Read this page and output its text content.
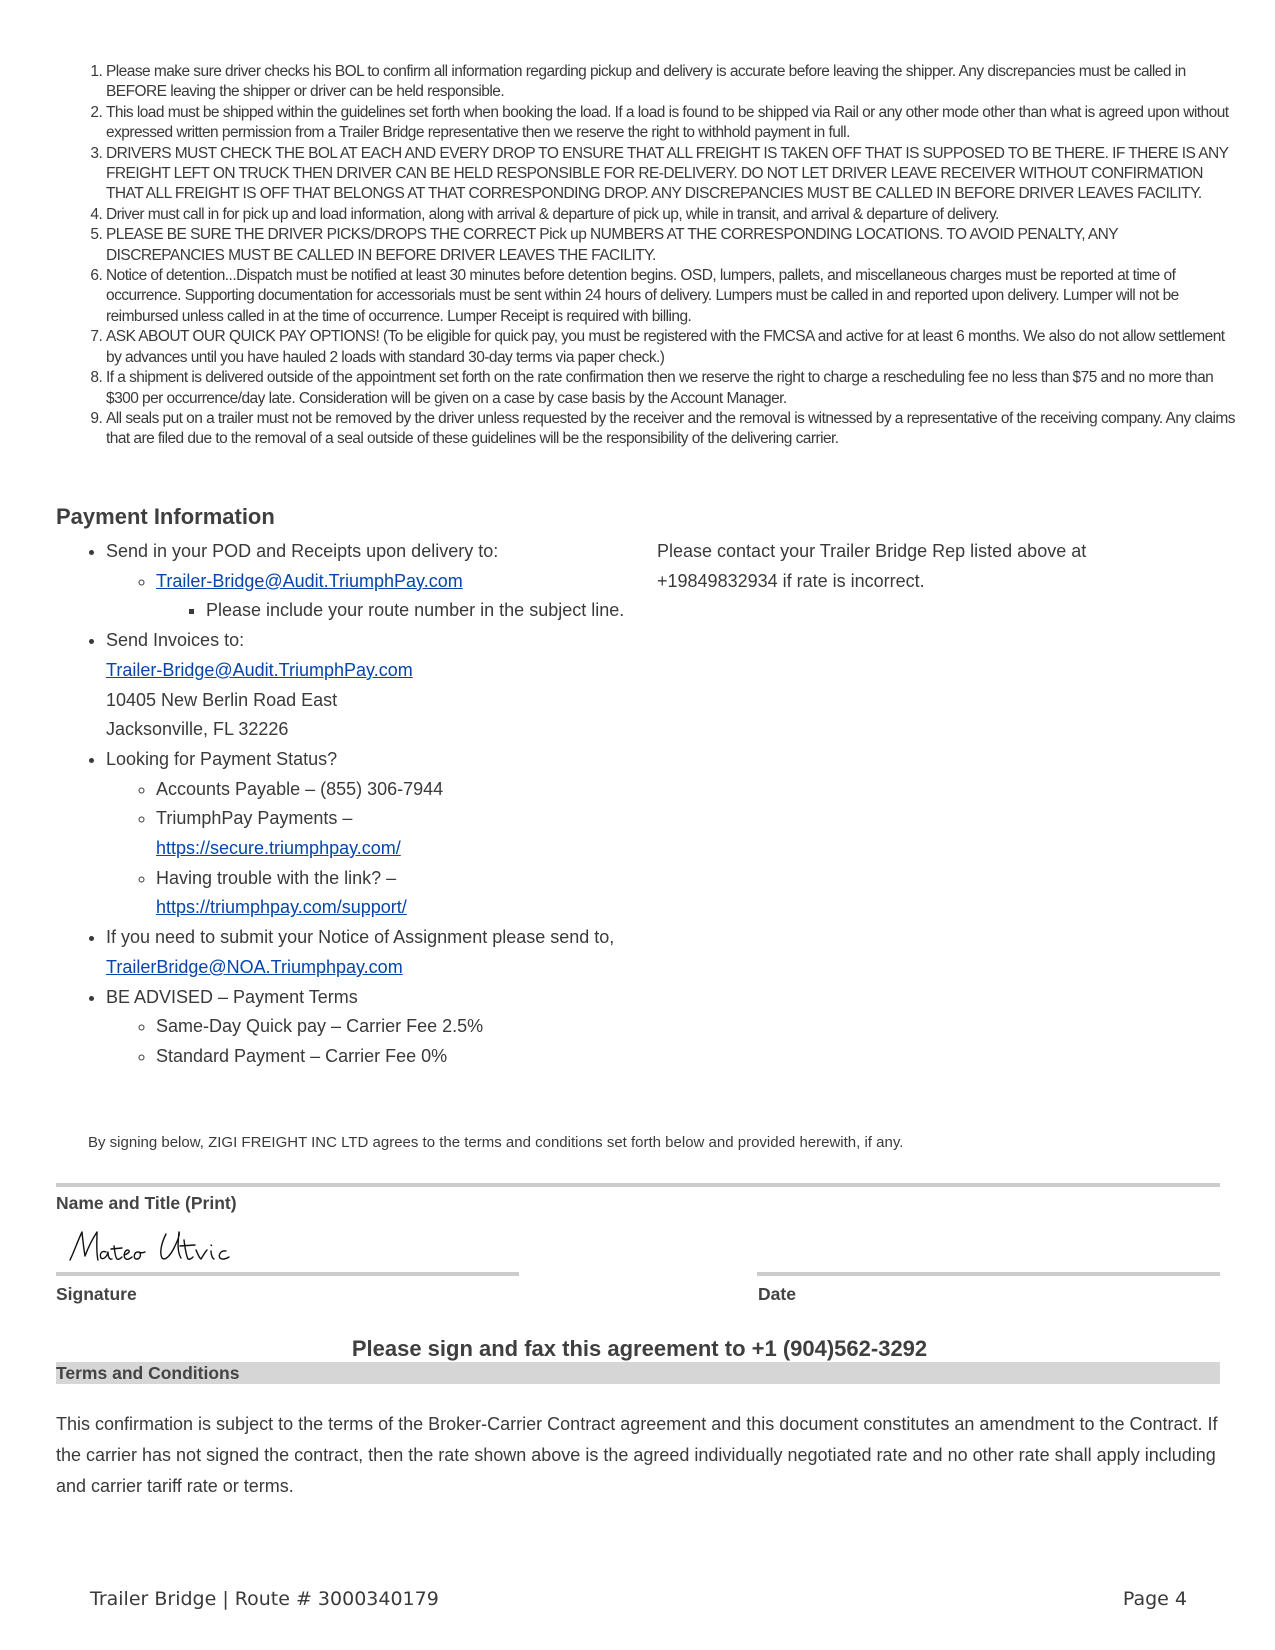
1. Please make sure driver checks his BOL to confirm all information regarding pickup and delivery is accurate before leaving the shipper. Any discrepancies must be called in BEFORE leaving the shipper or driver can be held responsible.
2. This load must be shipped within the guidelines set forth when booking the load. If a load is found to be shipped via Rail or any other mode other than what is agreed upon without expressed written permission from a Trailer Bridge representative then we reserve the right to withhold payment in full.
3. DRIVERS MUST CHECK THE BOL AT EACH AND EVERY DROP TO ENSURE THAT ALL FREIGHT IS TAKEN OFF THAT IS SUPPOSED TO BE THERE. IF THERE IS ANY FREIGHT LEFT ON TRUCK THEN DRIVER CAN BE HELD RESPONSIBLE FOR RE-DELIVERY. DO NOT LET DRIVER LEAVE RECEIVER WITHOUT CONFIRMATION THAT ALL FREIGHT IS OFF THAT BELONGS AT THAT CORRESPONDING DROP. ANY DISCREPANCIES MUST BE CALLED IN BEFORE DRIVER LEAVES FACILITY.
4. Driver must call in for pick up and load information, along with arrival & departure of pick up, while in transit, and arrival & departure of delivery.
5. PLEASE BE SURE THE DRIVER PICKS/DROPS THE CORRECT Pick up NUMBERS AT THE CORRESPONDING LOCATIONS. TO AVOID PENALTY, ANY DISCREPANCIES MUST BE CALLED IN BEFORE DRIVER LEAVES THE FACILITY.
6. Notice of detention...Dispatch must be notified at least 30 minutes before detention begins. OSD, lumpers, pallets, and miscellaneous charges must be reported at time of occurrence. Supporting documentation for accessorials must be sent within 24 hours of delivery. Lumpers must be called in and reported upon delivery. Lumper will not be reimbursed unless called in at the time of occurrence. Lumper Receipt is required with billing.
7. ASK ABOUT OUR QUICK PAY OPTIONS! (To be eligible for quick pay, you must be registered with the FMCSA and active for at least 6 months. We also do not allow settlement by advances until you have hauled 2 loads with standard 30-day terms via paper check.)
8. If a shipment is delivered outside of the appointment set forth on the rate confirmation then we reserve the right to charge a rescheduling fee no less than $75 and no more than $300 per occurrence/day late. Consideration will be given on a case by case basis by the Account Manager.
9. All seals put on a trailer must not be removed by the driver unless requested by the receiver and the removal is witnessed by a representative of the receiving company. Any claims that are filed due to the removal of a seal outside of these guidelines will be the responsibility of the delivering carrier.
Payment Information
• Send in your POD and Receipts upon delivery to:
◦ Trailer-Bridge@Audit.TriumphPay.com
▪ Please include your route number in the subject line.
• Send Invoices to:
Trailer-Bridge@Audit.TriumphPay.com
10405 New Berlin Road East
Jacksonville, FL 32226
• Looking for Payment Status?
◦ Accounts Payable – (855) 306-7944
◦ TriumphPay Payments –
https://secure.triumphpay.com/
◦ Having trouble with the link? –
https://triumphpay.com/support/
• If you need to submit your Notice of Assignment please send to, TrailerBridge@NOA.Triumphpay.com
• BE ADVISED – Payment Terms
◦ Same-Day Quick pay – Carrier Fee 2.5%
◦ Standard Payment – Carrier Fee 0%

Please contact your Trailer Bridge Rep listed above at +19849832934 if rate is incorrect.

By signing below, ZIGI FREIGHT INC LTD agrees to the terms and conditions set forth below and provided herewith, if any.

Name and Title (Print)

Signature	Date

Please sign and fax this agreement to +1 (904)562-3292

Terms and Conditions

This confirmation is subject to the terms of the Broker-Carrier Contract agreement and this document constitutes an amendment to the Contract. If the carrier has not signed the contract, then the rate shown above is the agreed individually negotiated rate and no other rate shall apply including and carrier tariff rate or terms.

Trailer Bridge | Route # 3000340179	Page 4
